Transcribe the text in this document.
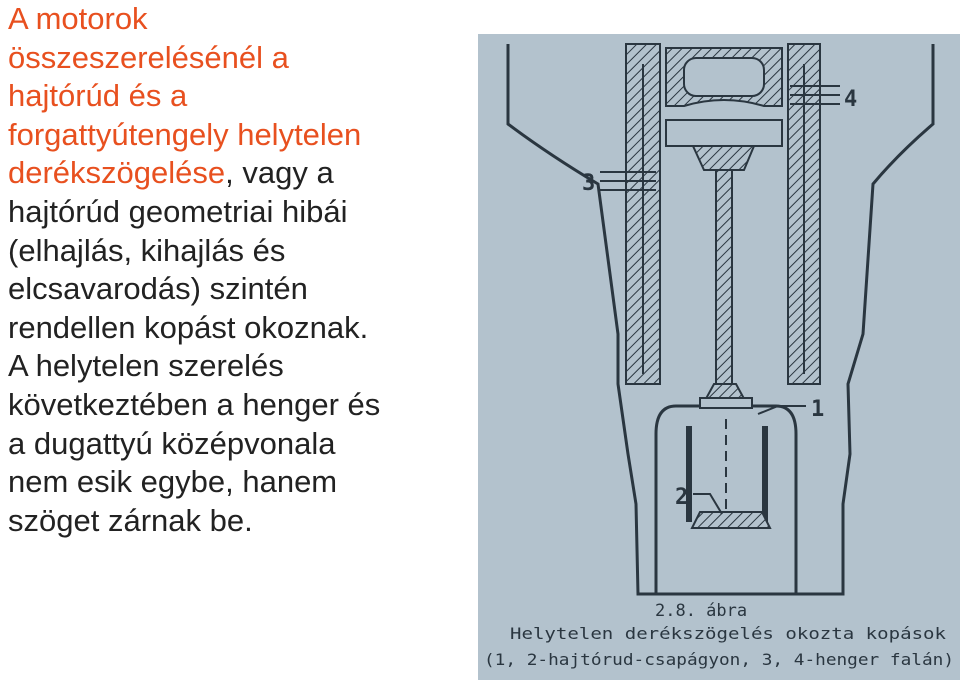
A motorok
összeszerelésénél a
hajtórúd és a
forgattyútengely helytelen
derékszögelése, vagy a
hajtórúd geometriai hibái
(elhajlás, kihajlás és
elcsavarodás) szintén
rendellen kopást okoznak.
A helytelen szerelés
következtében a henger és
a dugattyú középvonala
nem esik egybe, hanem
szöget zárnak be.
1
2
3
4
2.8. ábra
Helytelen derékszögelés okozta kopások
(1, 2-hajtórud-csapágyon, 3, 4-henger falán)
